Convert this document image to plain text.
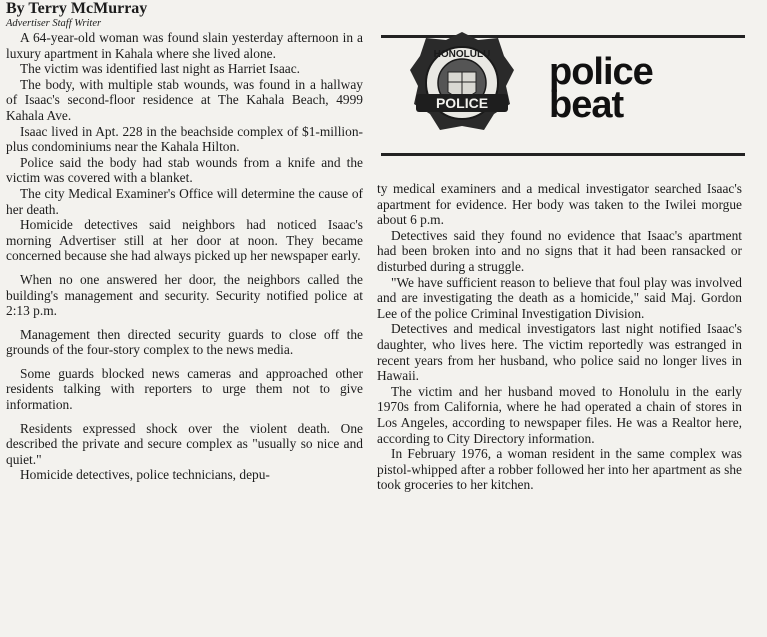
By Terry McMurray

Advertiser Staff Writer

A 64-year-old woman was found slain yesterday afternoon in a luxury apartment in Kahala where she lived alone.

The victim was identified last night as Harriet Isaac.

The body, with multiple stab wounds, was found in a hallway of Isaac's second-floor residence at The Kahala Beach, 4999 Kahala Ave.

Isaac lived in Apt. 228 in the beachside complex of $1-million-plus condominiums near the Kahala Hilton.

Police said the body had stab wounds from a knife and the victim was covered with a blanket.

The city Medical Examiner's Office will determine the cause of her death.

Homicide detectives said neighbors had noticed Isaac's morning Advertiser still at her door at noon. They became concerned because she had always picked up her newspaper early.

When no one answered her door, the neighbors called the building's management and security. Security notified police at 2:13 p.m.

Management then directed security guards to close off the grounds of the four-story complex to the news media.

Some guards blocked news cameras and approached other residents talking with reporters to urge them not to give information.

Residents expressed shock over the violent death. One described the private and secure complex as "usually so nice and quiet."

Homicide detectives, police technicians, depu-

POLICE
HONOLULU police
beat

ty medical examiners and a medical investigator searched Isaac's apartment for evidence. Her body was taken to the Iwilei morgue about 6 p.m.

Detectives said they found no evidence that Isaac's apartment had been broken into and no signs that it had been ransacked or disturbed during a struggle.

"We have sufficient reason to believe that foul play was involved and are investigating the death as a homicide," said Maj. Gordon Lee of the police Criminal Investigation Division.

Detectives and medical investigators last night notified Isaac's daughter, who lives here. The victim reportedly was estranged in recent years from her husband, who police said no longer lives in Hawaii.

The victim and her husband moved to Honolulu in the early 1970s from California, where he had operated a chain of stores in Los Angeles, according to newspaper files. He was a Realtor here, according to City Directory information.

In February 1976, a woman resident in the same complex was pistol-whipped after a robber followed her into her apartment as she took groceries to her kitchen.
